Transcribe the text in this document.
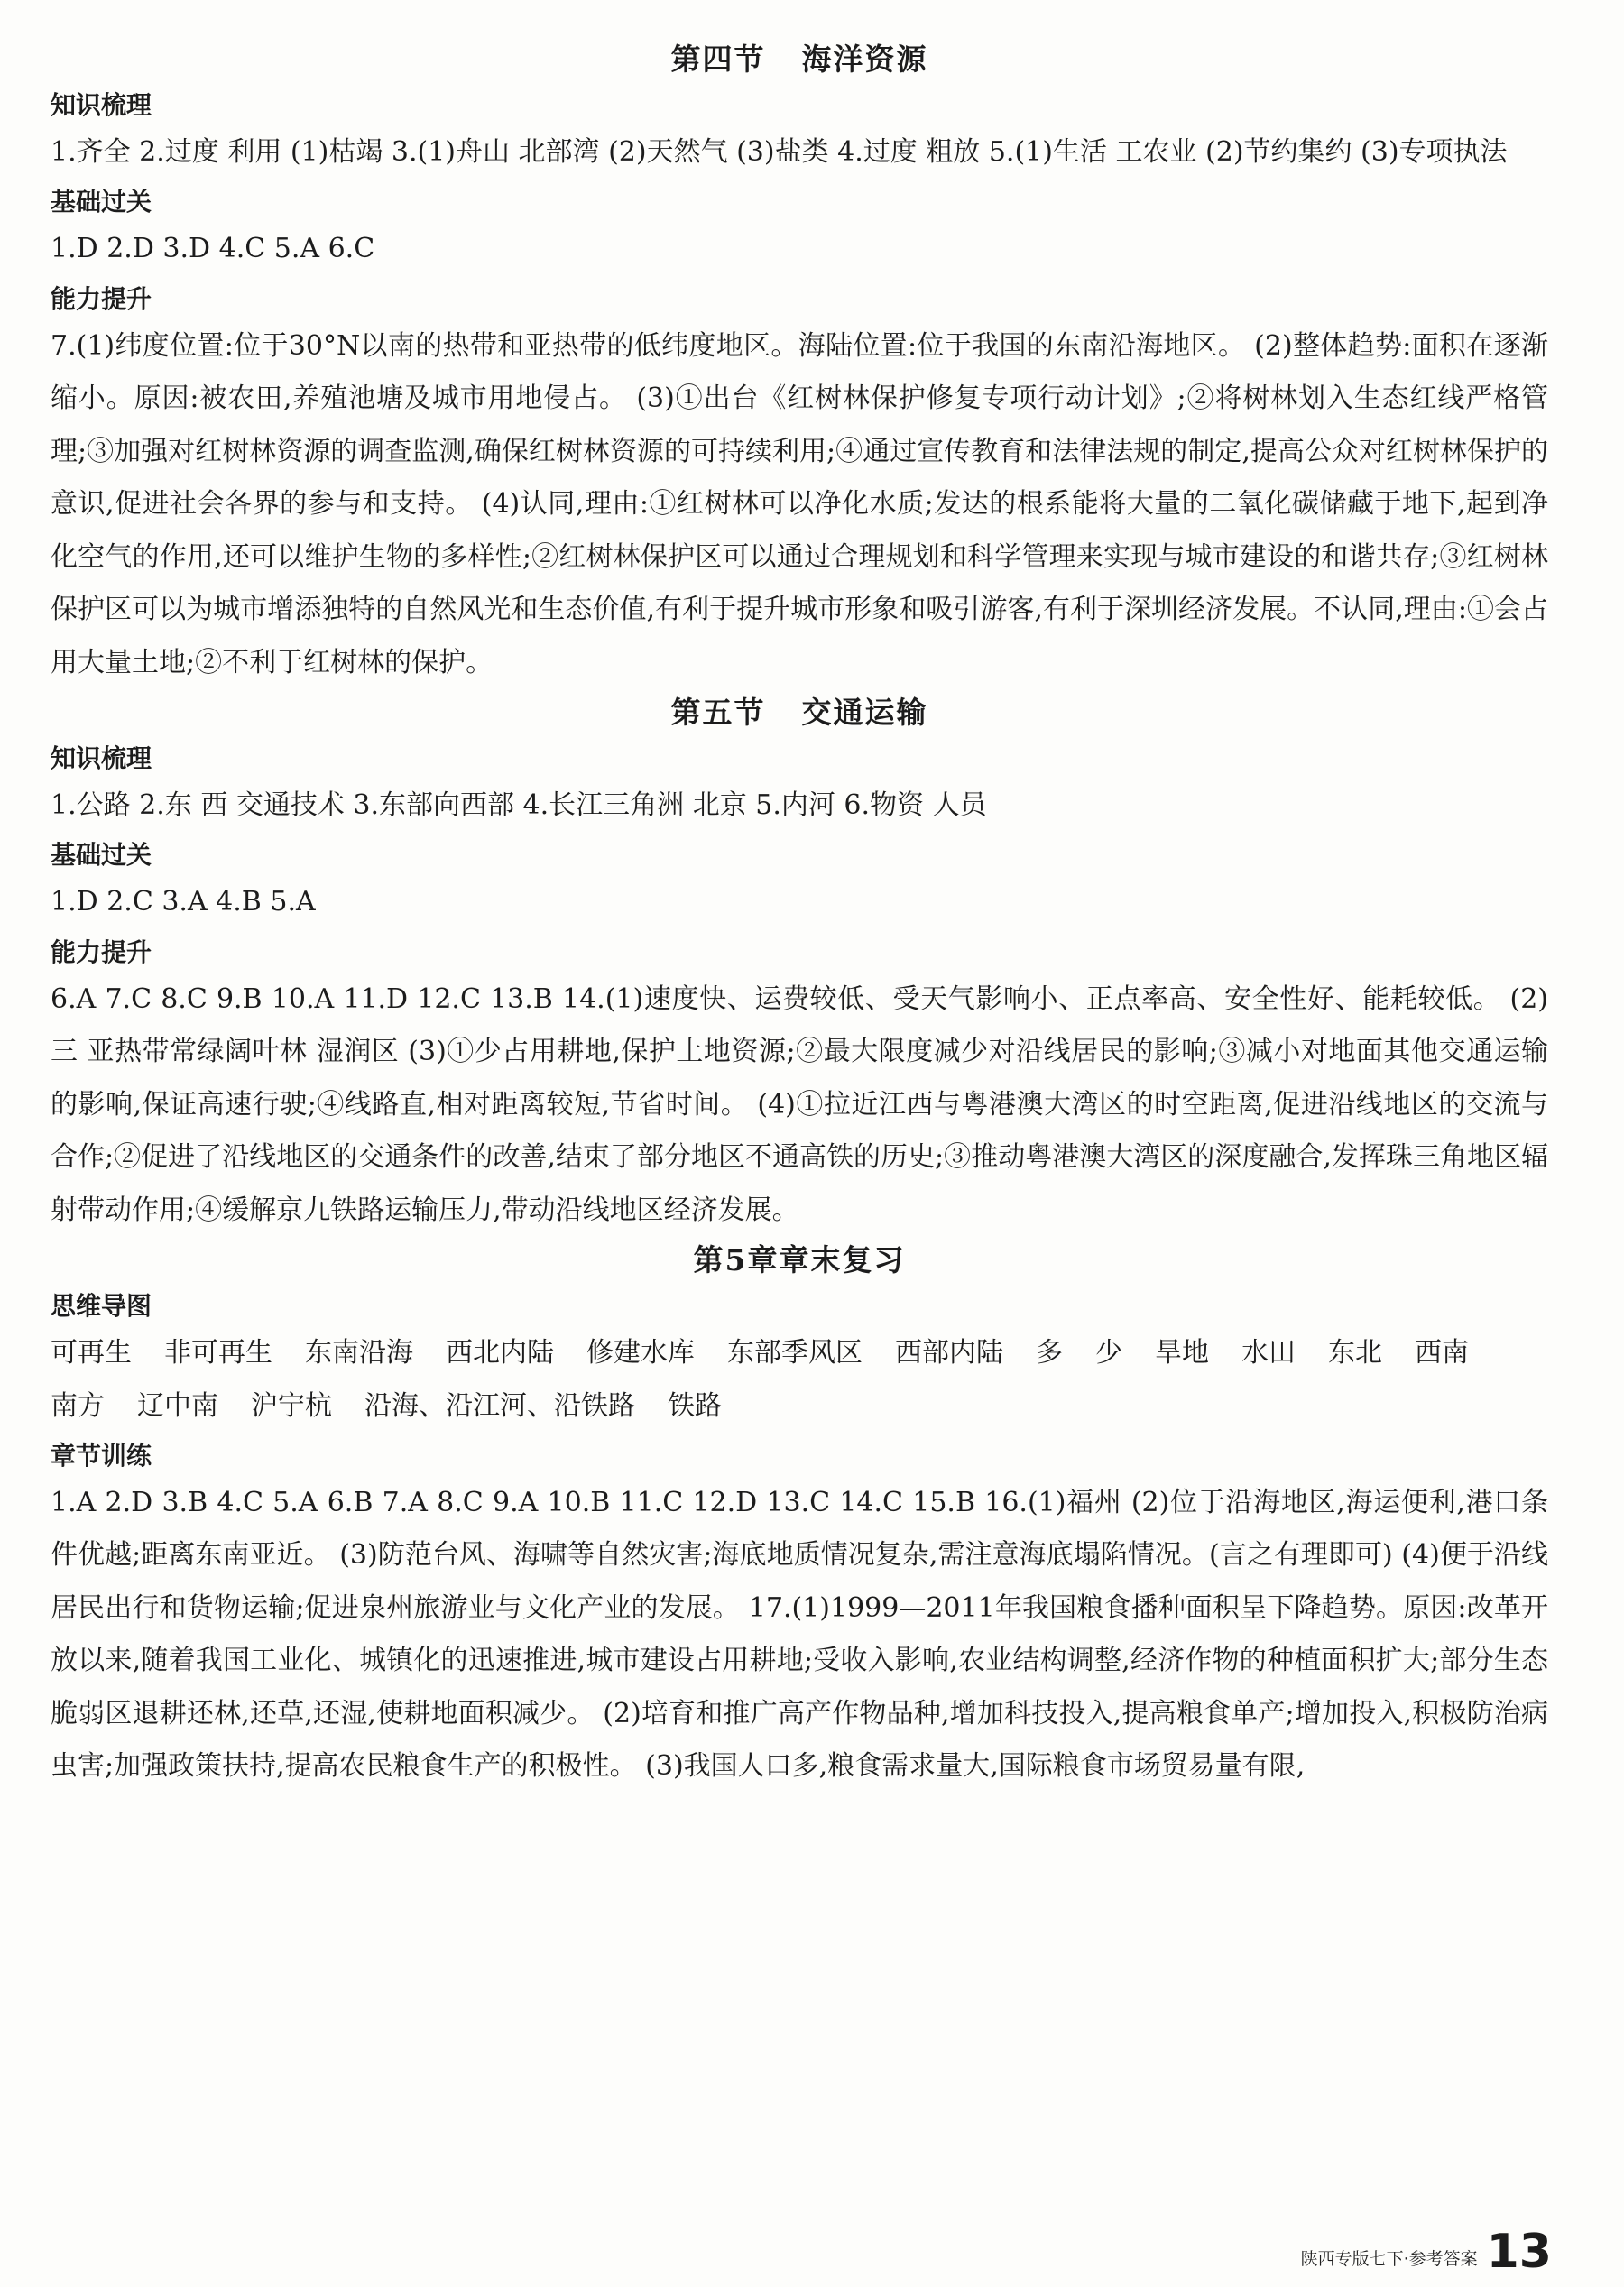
第四节 海洋资源
知识梳理

1.齐全 2.过度 利用 (1)枯竭 3.(1)舟山 北部湾 (2)天然气 (3)盐类 4.过度 粗放 5.(1)生活 工农业 (2)节约集约 (3)专项执法

基础过关

1.D 2.D 3.D 4.C 5.A 6.C

能力提升

7.(1)纬度位置:位于30°N以南的热带和亚热带的低纬度地区。海陆位置:位于我国的东南沿海地区。 (2)整体趋势:面积在逐渐缩小。原因:被农田,养殖池塘及城市用地侵占。 (3)①出台《红树林保护修复专项行动计划》;②将树林划入生态红线严格管理;③加强对红树林资源的调查监测,确保红树林资源的可持续利用;④通过宣传教育和法律法规的制定,提高公众对红树林保护的意识,促进社会各界的参与和支持。 (4)认同,理由:①红树林可以净化水质;发达的根系能将大量的二氧化碳储藏于地下,起到净化空气的作用,还可以维护生物的多样性;②红树林保护区可以通过合理规划和科学管理来实现与城市建设的和谐共存;③红树林保护区可以为城市增添独特的自然风光和生态价值,有利于提升城市形象和吸引游客,有利于深圳经济发展。不认同,理由:①会占用大量土地;②不利于红树林的保护。

第五节 交通运输
知识梳理

1.公路 2.东 西 交通技术 3.东部向西部 4.长江三角洲 北京 5.内河 6.物资 人员

基础过关

1.D 2.C 3.A 4.B 5.A

能力提升

6.A 7.C 8.C 9.B 10.A 11.D 12.C 13.B 14.(1)速度快、运费较低、受天气影响小、正点率高、安全性好、能耗较低。 (2)三 亚热带常绿阔叶林 湿润区 (3)①少占用耕地,保护土地资源;②最大限度减少对沿线居民的影响;③减小对地面其他交通运输的影响,保证高速行驶;④线路直,相对距离较短,节省时间。 (4)①拉近江西与粤港澳大湾区的时空距离,促进沿线地区的交流与合作;②促进了沿线地区的交通条件的改善,结束了部分地区不通高铁的历史;③推动粤港澳大湾区的深度融合,发挥珠三角地区辐射带动作用;④缓解京九铁路运输压力,带动沿线地区经济发展。

第5章章末复习
思维导图
可再生 非可再生 东南沿海 西北内陆 修建水库 东部季风区 西部内陆 多 少 旱地 水田 东北 西南南方 辽中南 沪宁杭 沿海、沿江河、沿铁路 铁路
章节训练

1.A 2.D 3.B 4.C 5.A 6.B 7.A 8.C 9.A 10.B 11.C 12.D 13.C 14.C 15.B 16.(1)福州 (2)位于沿海地区,海运便利,港口条件优越;距离东南亚近。 (3)防范台风、海啸等自然灾害;海底地质情况复杂,需注意海底塌陷情况。(言之有理即可) (4)便于沿线居民出行和货物运输;促进泉州旅游业与文化产业的发展。 17.(1)1999—2011年我国粮食播种面积呈下降趋势。原因:改革开放以来,随着我国工业化、城镇化的迅速推进,城市建设占用耕地;受收入影响,农业结构调整,经济作物的种植面积扩大;部分生态脆弱区退耕还林,还草,还湿,使耕地面积减少。 (2)培育和推广高产作物品种,增加科技投入,提高粮食单产;增加投入,积极防治病虫害;加强政策扶持,提高农民粮食生产的积极性。 (3)我国人口多,粮食需求量大,国际粮食市场贸易量有限,

陕西专版七下·参考答案 13
